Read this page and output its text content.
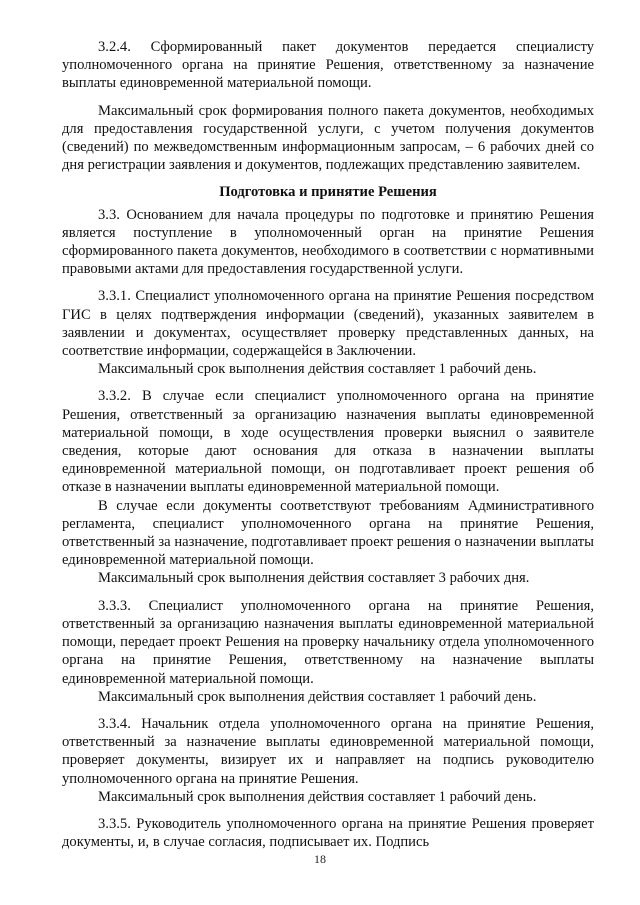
3.2.4. Сформированный пакет документов передается специалисту уполномоченного органа на принятие Решения, ответственному за назначение выплаты единовременной материальной помощи.

Максимальный срок формирования полного пакета документов, необходимых для предоставления государственной услуги, с учетом получения документов (сведений) по межведомственным информационным запросам, – 6 рабочих дней со дня регистрации заявления и документов, подлежащих представлению заявителем.

Подготовка и принятие Решения

3.3. Основанием для начала процедуры по подготовке и принятию Решения является поступление в уполномоченный орган на принятие Решения сформированного пакета документов, необходимого в соответствии с нормативными правовыми актами для предоставления государственной услуги.

3.3.1. Специалист уполномоченного органа на принятие Решения посредством ГИС в целях подтверждения информации (сведений), указанных заявителем в заявлении и документах, осуществляет проверку представленных данных, на соответствие информации, содержащейся в Заключении.

Максимальный срок выполнения действия составляет 1 рабочий день.

3.3.2. В случае если специалист уполномоченного органа на принятие Решения, ответственный за организацию назначения выплаты единовременной материальной помощи, в ходе осуществления проверки выяснил о заявителе сведения, которые дают основания для отказа в назначении выплаты единовременной материальной помощи, он подготавливает проект решения об отказе в назначении выплаты единовременной материальной помощи.

В случае если документы соответствуют требованиям Административного регламента, специалист уполномоченного органа на принятие Решения, ответственный за назначение, подготавливает проект решения о назначении выплаты единовременной материальной помощи.

Максимальный срок выполнения действия составляет 3 рабочих дня.

3.3.3. Специалист уполномоченного органа на принятие Решения, ответственный за организацию назначения выплаты единовременной материальной помощи, передает проект Решения на проверку начальнику отдела уполномоченного органа на принятие Решения, ответственному на назначение выплаты единовременной материальной помощи.

Максимальный срок выполнения действия составляет 1 рабочий день.

3.3.4. Начальник отдела уполномоченного органа на принятие Решения, ответственный за назначение выплаты единовременной материальной помощи, проверяет документы, визирует их и направляет на подпись руководителю уполномоченного органа на принятие Решения.

Максимальный срок выполнения действия составляет 1 рабочий день.

3.3.5. Руководитель уполномоченного органа на принятие Решения проверяет документы, и, в случае согласия, подписывает их. Подпись

18
